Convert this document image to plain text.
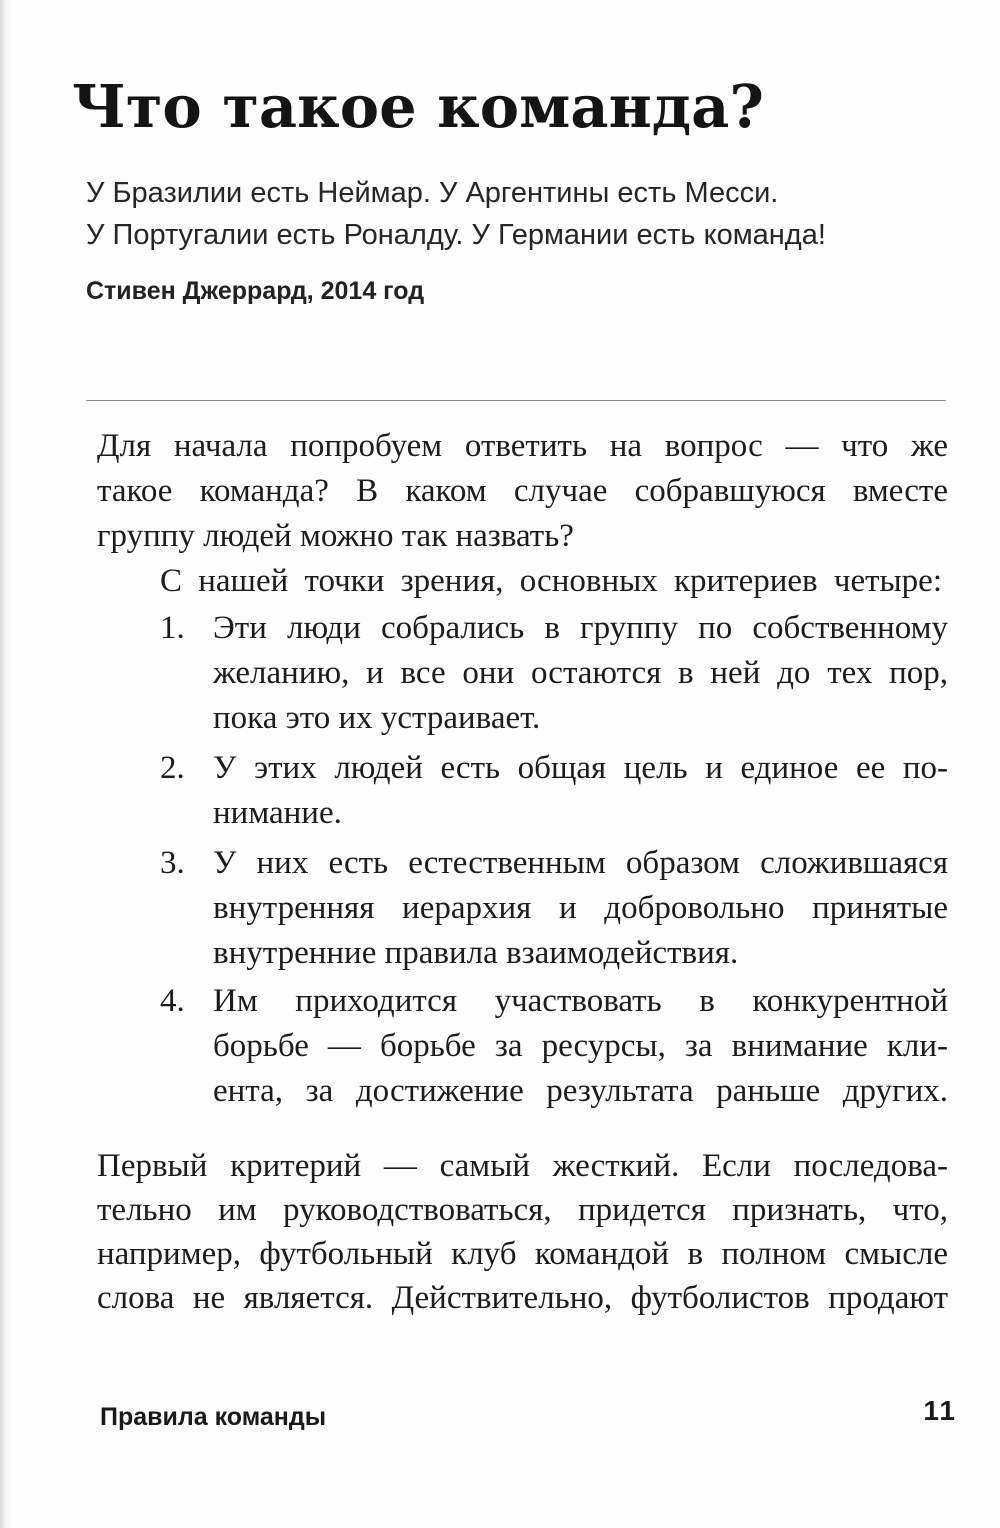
Что такое команда?
У Бразилии есть Неймар. У Аргентины есть Месси.
У Португалии есть Роналду. У Германии есть команда!
Стивен Джеррард, 2014 год
Для начала попробуем ответить на вопрос — что же
такое команда? В каком случае собравшуюся вместе
группу людей можно так назвать?
С нашей точки зрения, основных критериев четыре:
1. Эти люди собрались в группу по собственному
желанию, и все они остаются в ней до тех пор,
пока это их устраивает.
2. У этих людей есть общая цель и единое ее по-
нимание.
3. У них есть естественным образом сложившаяся
внутренняя иерархия и добровольно принятые
внутренние правила взаимодействия.
4. Им приходится участвовать в конкурентной
борьбе — борьбе за ресурсы, за внимание кли-
ента, за достижение результата раньше других.
Первый критерий — самый жесткий. Если последова-
тельно им руководствоваться, придется признать, что,
например, футбольный клуб командой в полном смысле
слова не является. Действительно, футболистов продают
Правила команды	11
